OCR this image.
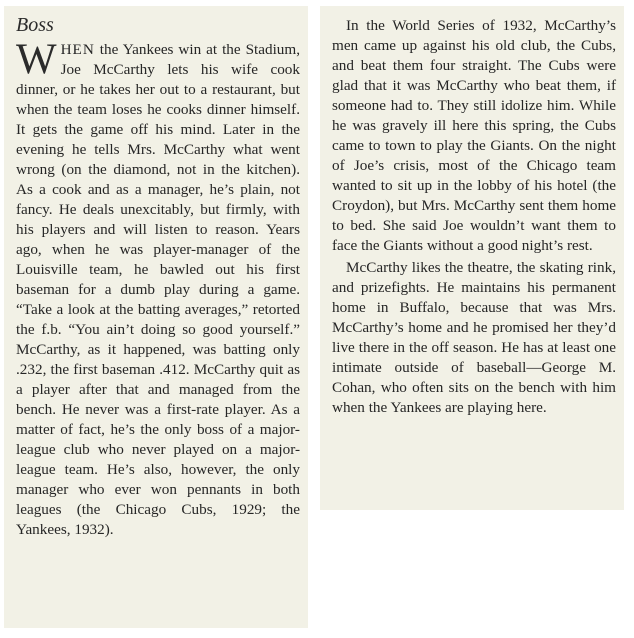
Boss

WHEN the Yankees win at the Stadium, Joe McCarthy lets his wife cook dinner, or he takes her out to a restaurant, but when the team loses he cooks dinner himself. It gets the game off his mind. Later in the evening he tells Mrs. McCarthy what went wrong (on the diamond, not in the kitchen). As a cook and as a manager, he’s plain, not fancy. He deals unexcitably, but firmly, with his players and will listen to reason. Years ago, when he was player-manager of the Louisville team, he bawled out his first baseman for a dumb play during a game. “Take a look at the batting averages,” retorted the f.b. “You ain’t doing so good yourself.” McCarthy, as it happened, was batting only .232, the first baseman .412. McCarthy quit as a player after that and managed from the bench. He never was a first-rate player. As a matter of fact, he’s the only boss of a major-league club who never played on a major-league team. He’s also, however, the only manager who ever won pennants in both leagues (the Chicago Cubs, 1929; the Yankees, 1932).

In the World Series of 1932, McCarthy’s men came up against his old club, the Cubs, and beat them four straight. The Cubs were glad that it was McCarthy who beat them, if someone had to. They still idolize him. While he was gravely ill here this spring, the Cubs came to town to play the Giants. On the night of Joe’s crisis, most of the Chicago team wanted to sit up in the lobby of his hotel (the Croydon), but Mrs. McCarthy sent them home to bed. She said Joe wouldn’t want them to face the Giants without a good night’s rest.

McCarthy likes the theatre, the skating rink, and prizefights. He maintains his permanent home in Buffalo, because that was Mrs. McCarthy’s home and he promised her they’d live there in the off season. He has at least one intimate outside of baseball—George M. Cohan, who often sits on the bench with him when the Yankees are playing here.
